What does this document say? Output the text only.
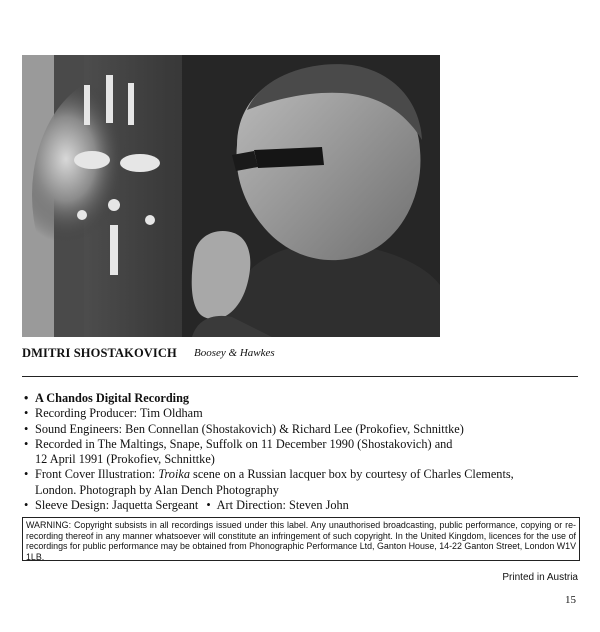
DMITRI SHOSTAKOVICH Boosey & Hawkes
• A Chandos Digital Recording
• Recording Producer: Tim Oldham
• Sound Engineers: Ben Connellan (Shostakovich) & Richard Lee (Prokofiev, Schnittke)
• Recorded in The Maltings, Snape, Suffolk on 11 December 1990 (Shostakovich) and
12 April 1991 (Prokofiev, Schnittke)
• Front Cover Illustration: Troika scene on a Russian lacquer box by courtesy of Charles Clements,
London. Photograph by Alan Dench Photography
• Sleeve Design: Jaquetta Sergeant • Art Direction: Steven John
WARNING: Copyright subsists in all recordings issued under this label. Any unauthorised broadcasting, public performance, copying or re-recording thereof in any manner whatsoever will constitute an infringement of such copyright. In the United Kingdom, licences for the use of recordings for public performance may be obtained from Phonographic Performance Ltd, Ganton House, 14-22 Ganton Street, London W1V 1LB.
Printed in Austria
15
